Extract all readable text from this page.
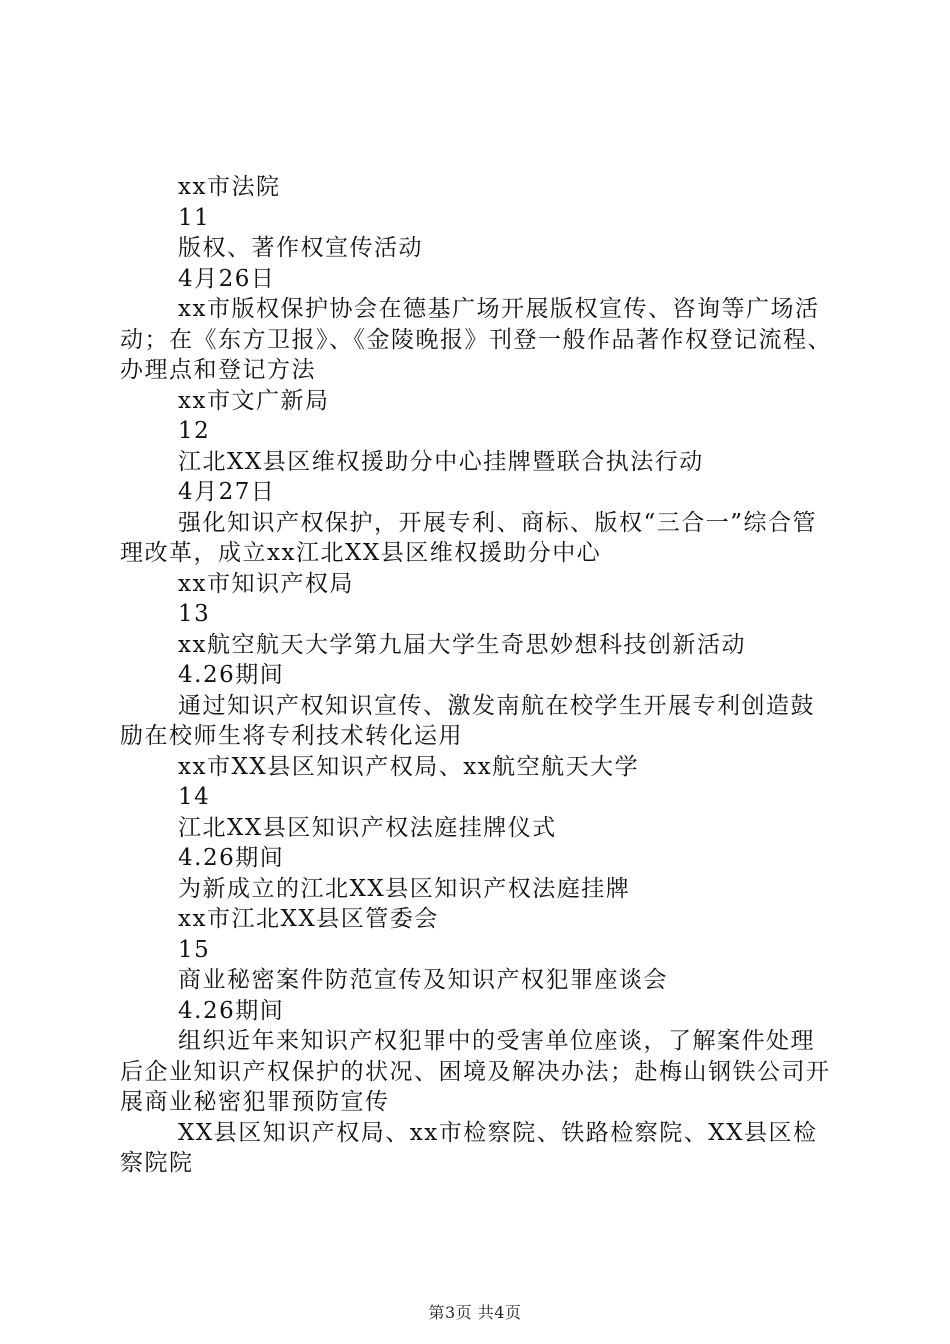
xx市法院

11

版权、著作权宣传活动

4月26日

xx市版权保护协会在德基广场开展版权宣传、咨询等广场活动；在《东方卫报》、《金陵晚报》刊登一般作品著作权登记流程、办理点和登记方法

xx市文广新局

12

江北XX县区维权援助分中心挂牌暨联合执法行动

4月27日

强化知识产权保护，开展专利、商标、版权“三合一”综合管理改革，成立xx江北XX县区维权援助分中心

xx市知识产权局

13

xx航空航天大学第九届大学生奇思妙想科技创新活动

4.26期间

通过知识产权知识宣传、激发南航在校学生开展专利创造鼓励在校师生将专利技术转化运用

xx市XX县区知识产权局、xx航空航天大学

14

江北XX县区知识产权法庭挂牌仪式

4.26期间

为新成立的江北XX县区知识产权法庭挂牌

xx市江北XX县区管委会

15

商业秘密案件防范宣传及知识产权犯罪座谈会

4.26期间

组织近年来知识产权犯罪中的受害单位座谈，了解案件处理后企业知识产权保护的状况、困境及解决办法；赴梅山钢铁公司开展商业秘密犯罪预防宣传

XX县区知识产权局、xx市检察院、铁路检察院、XX县区检察院院

第3页 共4页
